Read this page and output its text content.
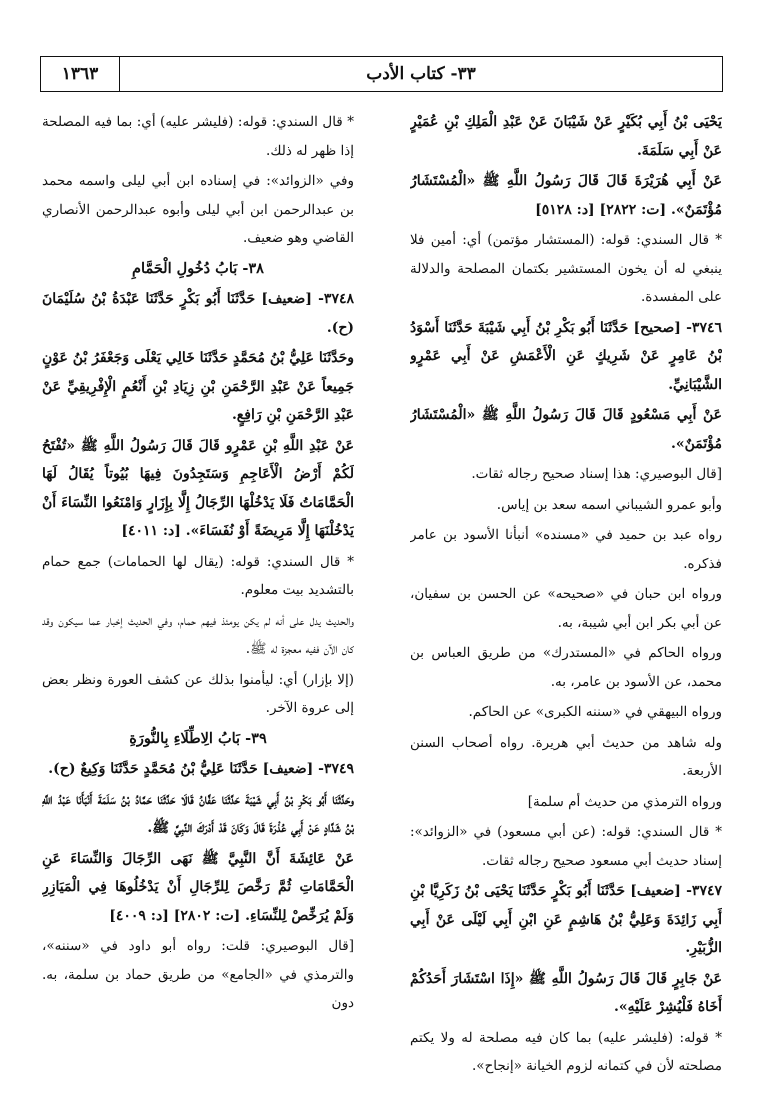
٣٣- كتاب الأدب
١٣٦٣

يَحْيَى بْنُ أَبِي بُكَيْرٍ عَنْ شَيْبَانَ عَنْ عَبْدِ الْمَلِكِ بْنِ عُمَيْرٍ عَنْ أَبِي سَلَمَةَ.

عَنْ أَبِي هُرَيْرَةَ قَالَ قَالَ رَسُولُ اللَّهِ ﷺ «الْمُسْتَشَارُ مُؤْتَمَنٌ». [ت: ٢٨٢٢] [د: ٥١٢٨]

* قال السندي: قوله: (المستشار مؤتمن) أي: أمين فلا ينبغي له أن يخون المستشير بكتمان المصلحة والدلالة على المفسدة.

٣٧٤٦- [صحيح] حَدَّثَنَا أَبُو بَكْرِ بْنُ أَبِي شَيْبَةَ حَدَّثَنَا أَسْوَدُ بْنُ عَامِرٍ عَنْ شَرِيكٍ عَنِ الْأَعْمَشِ عَنْ أَبِي عَمْرٍو الشَّيْبَانِيِّ.

عَنْ أَبِي مَسْعُودٍ قَالَ قَالَ رَسُولُ اللَّهِ ﷺ «الْمُسْتَشَارُ مُؤْتَمَنٌ».

[قال البوصيري: هذا إسناد صحيح رجاله ثقات.

وأبو عمرو الشيباني اسمه سعد بن إياس.

رواه عبد بن حميد في «مسنده» أنبأنا الأسود بن عامر فذكره.

ورواه ابن حبان في «صحيحه» عن الحسن بن سفيان، عن أبي بكر ابن أبي شيبة، به.

ورواه الحاكم في «المستدرك» من طريق العباس بن محمد، عن الأسود بن عامر، به.

ورواه البيهقي في «سننه الكبرى» عن الحاكم.

وله شاهد من حديث أبي هريرة. رواه أصحاب السنن الأربعة.

ورواه الترمذي من حديث أم سلمة]

* قال السندي: قوله: (عن أبي مسعود) في «الزوائد»: إسناد حديث أبي مسعود صحيح رجاله ثقات.

٣٧٤٧- [ضعيف] حَدَّثَنَا أَبُو بَكْرٍ حَدَّثَنَا يَحْيَى بْنُ زَكَرِيَّا بْنِ أَبِي زَائِدَةَ وَعَلِيُّ بْنُ هَاشِمٍ عَنِ ابْنِ أَبِي لَيْلَى عَنْ أَبِي الزُّبَيْرِ.

عَنْ جَابِرٍ قَالَ قَالَ رَسُولُ اللَّهِ ﷺ «إِذَا اسْتَشَارَ أَحَدُكُمْ أَخَاهُ فَلْيُشِرْ عَلَيْهِ».

* قوله: (فليشر عليه) بما كان فيه مصلحة له ولا يكتم مصلحته لأن في كتمانه لزوم الخيانة «إنجاح».

* قال السندي: قوله: (فليشر عليه) أي: بما فيه المصلحة إذا ظهر له ذلك.

وفي «الزوائد»: في إسناده ابن أبي ليلى واسمه محمد بن عبدالرحمن ابن أبي ليلى وأبوه عبدالرحمن الأنصاري القاضي وهو ضعيف.

٣٨- بَابُ دُخُولِ الْحَمَّامِ

٣٧٤٨- [ضعيف] حَدَّثَنَا أَبُو بَكْرٍ حَدَّثَنَا عَبْدَةُ بْنُ سُلَيْمَانَ (ح).

وحَدَّثَنَا عَلِيُّ بْنُ مُحَمَّدٍ حَدَّثَنَا خَالِي يَعْلَى وَجَعْفَرُ بْنُ عَوْنٍ جَمِيعاً عَنْ عَبْدِ الرَّحْمَنِ بْنِ زِيَادِ بْنِ أَنْعُمٍ الْإِفْرِيقِيِّ عَنْ عَبْدِ الرَّحْمَنِ بْنِ رَافِعٍ.

عَنْ عَبْدِ اللَّهِ بْنِ عَمْرٍو قَالَ قَالَ رَسُولُ اللَّهِ ﷺ «تُفْتَحُ لَكُمْ أَرْضُ الْأَعَاجِمِ وَسَتَجِدُونَ فِيهَا بُيُوتاً يُقَالُ لَهَا الْحَمَّامَاتُ فَلَا يَدْخُلْهَا الرِّجَالُ إِلَّا بِإِزَارٍ وَامْنَعُوا النِّسَاءَ أَنْ يَدْخُلْنَهَا إِلَّا مَرِيضَةً أَوْ نُفَسَاءَ». [د: ٤٠١١]

* قال السندي: قوله: (يقال لها الحمامات) جمع حمام بالتشديد بيت معلوم.

والحديث يدل على أنه لم يكن يومئذ فيهم حمام، وفي الحديث إخبار عما سيكون وقد كان الآن ففيه معجزة له ﷺ.

(إلا بإزار) أي: ليأمنوا بذلك عن كشف العورة ونظر بعض إلى عروة الآخر.

٣٩- بَابُ الِاطِّلَاءِ بِالنُّورَةِ

٣٧٤٩- [ضعيف] حَدَّثَنَا عَلِيُّ بْنُ مُحَمَّدٍ حَدَّثَنَا وَكِيعٌ (ح).

وحَدَّثَنَا أَبُو بَكْرِ بْنُ أَبِي شَيْبَةَ حَدَّثَنَا عَفَّانُ قَالَا حَدَّثَنَا حَمَّادُ بْنُ سَلَمَةَ أَنْبَأَنَا عَبْدُ اللَّهِ بْنُ شَدَّادٍ عَنْ أَبِي عُذْرَةَ قَالَ وَكَانَ قَدْ أَدْرَكَ النَّبِيَّ ﷺ.

عَنْ عَائِشَةَ أَنَّ النَّبِيَّ ﷺ نَهَى الرِّجَالَ وَالنِّسَاءَ عَنِ الْحَمَّامَاتِ ثُمَّ رَخَّصَ لِلرِّجَالِ أَنْ يَدْخُلُوهَا فِي الْمَيَازِرِ وَلَمْ يُرَخِّصْ لِلنِّسَاءِ. [ت: ٢٨٠٢] [د: ٤٠٠٩]

[قال البوصيري: قلت: رواه أبو داود في «سننه»، والترمذي في «الجامع» من طريق حماد بن سلمة، به. دون
